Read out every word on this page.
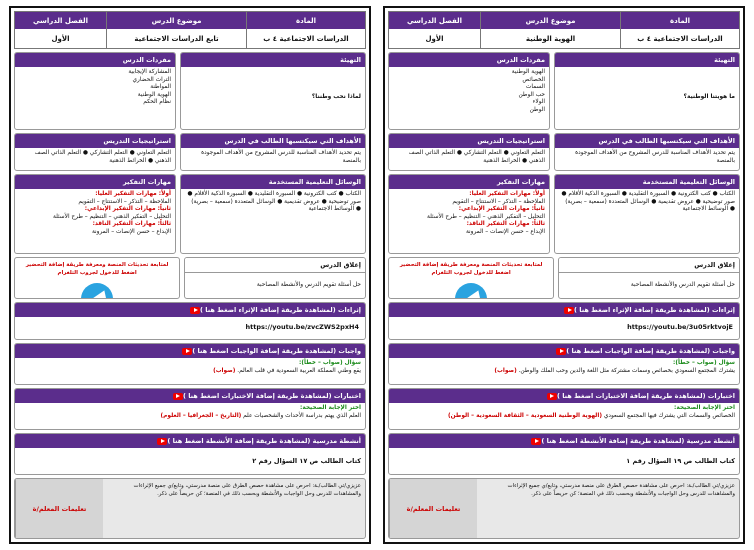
المادة
الدراسات الاجتماعية ٤ ب
موضوع الدرس
الهوية الوطنية
الفصل الدراسي
الأول
التهيئة
ما هويتنا الوطنية؟
مفردات الدرس
الهوية الوطنية
الخصائص
السمات
حب الوطن
الولاء
الوطن
الأهداف التي سيكتسبها الطالب في الدرس
يتم تحديد الأهداف المناسبة للدرس المشروح من الأهداف الموجودة بالمنصة
استراتيجيات التدريس
التعلم التعاوني ● التعلم التشاركي ● التعلم الذاتي الصف الذهني ● الخرائط الذهنية
الوسائل التعليمية المستخدمة
الكتاب ● كتب الكترونية ● السبورة التقليدية ● السبورة الذكية الأقلام ● صور توضيحية ● عروض تقديمية ● الوسائل المتعددة (سمعية – بصرية) ● الوسائط الاجتماعية
مهارات التفكير
أولاً: مهارات التفكير العليا:
الملاحظة – التذكر – الاستنتاج – التقويم
ثانياً: مهارات التفكير الإبداعي:
التحليل – التفكير الذهني – التنظيم – طرح الأسئلة
ثالثاً: مهارات التفكير الناقد:
الإبداع – حسن الإنصات – المرونة
إغلاق الدرس
حل أسئلة تقويم الدرس والأنشطة المصاحبة
لمتابعة تحديثات المنصة ومعرفة طريقة إضافة التحضير اضغط للدخول لجروب التلغرام
إثراءات (لمشاهدة طريقة إضافة الإثراء اضغط هنا )
https://youtu.be/3u05rktvojE
واجبات (لمشاهدة طريقة إضافة الواجبات اضغط هنا )
سؤال (صواب – خطأ):
يشترك المجتمع السعودي بخصائص وسمات مشتركة مثل اللغة والدين وحب الملك والوطن. (صواب)
اختبارات (لمشاهدة طريقة إضافة الاختبارات اضغط هنا )
اختر الإجابة الصحيحة:
الخصائص والسمات التي يشترك فيها المجتمع السعودي (الهوية الوطنية السعودية – الثقافة السعودية – الوطن)
أنشطة مدرسية (لمشاهدة طريقة إضافة الأنشطة اضغط هنا )
كتاب الطالب ص ١٩ السؤال رقم ١
عزيزي/تي الطالب/ـة: احرص على مشاهدة حصص الطرق على منصة مدرستي، وتابع/ي جميع الإثراءات والمشاهدات للدرس وحل الواجبات والأنشطة وبحسب ذلك في المنصة؛ كن حريصاً على ذكر.
تعليمات المعلم/ة
المادة
الدراسات الاجتماعية ٤ ب
موضوع الدرس
تابع الدراسات الاجتماعية
الفصل الدراسي
الأول
التهيئة
لماذا نحب وطننا؟
مفردات الدرس
المشاركة الإيجابية
التراث الحضاري
المواطنة
الهوية الوطنية
نظام الحكم
الأهداف التي سيكتسبها الطالب في الدرس
يتم تحديد الأهداف المناسبة للدرس المشروح من الأهداف الموجودة بالمنصة
استراتيجيات التدريس
التعلم التعاوني ● التعلم التشاركي ● التعلم الذاتي الصف الذهني ● الخرائط الذهنية
الوسائل التعليمية المستخدمة
الكتاب ● كتب الكترونية ● السبورة التقليدية ● السبورة الذكية الأقلام ● صور توضيحية ● عروض تقديمية ● الوسائل المتعددة (سمعية – بصرية) ● الوسائط الاجتماعية
مهارات التفكير
أولاً: مهارات التفكير العليا:
الملاحظة – التذكر – الاستنتاج – التقويم
ثانياً: مهارات التفكير الإبداعي:
التحليل – التفكير الذهني – التنظيم – طرح الأسئلة
ثالثاً: مهارات التفكير الناقد:
الإبداع – حسن الإنصات – المرونة
إغلاق الدرس
حل أسئلة تقويم الدرس والأنشطة المصاحبة
لمتابعة تحديثات المنصة ومعرفة طريقة إضافة التحضير اضغط للدخول لجروب التلغرام
إثراءات (لمشاهدة طريقة إضافة الإثراء اضغط هنا )
https://youtu.be/zvcZWS2pxH4
واجبات (لمشاهدة طريقة إضافة الواجبات اضغط هنا )
سؤال (صواب – خطأ):
يقع وطني المملكة العربية السعودية في قلب العالم. (صواب)
اختبارات (لمشاهدة طريقة إضافة الاختبارات اضغط هنا )
اختر الإجابة الصحيحة:
العلم الذي يهتم بدراسة الأحداث والشخصيات علم (التاريخ – الجغرافيا – العلوم)
أنشطة مدرسية (لمشاهدة طريقة إضافة الأنشطة اضغط هنا )
كتاب الطالب ص ١٧ السؤال رقم ٢
عزيزي/تي الطالب/ـة: احرص على مشاهدة حصص الطرق على منصة مدرستي، وتابع/ي جميع الإثراءات والمشاهدات للدرس وحل الواجبات والأنشطة وبحسب ذلك في المنصة؛ كن حريصاً على ذكر.
تعليمات المعلم/ة
